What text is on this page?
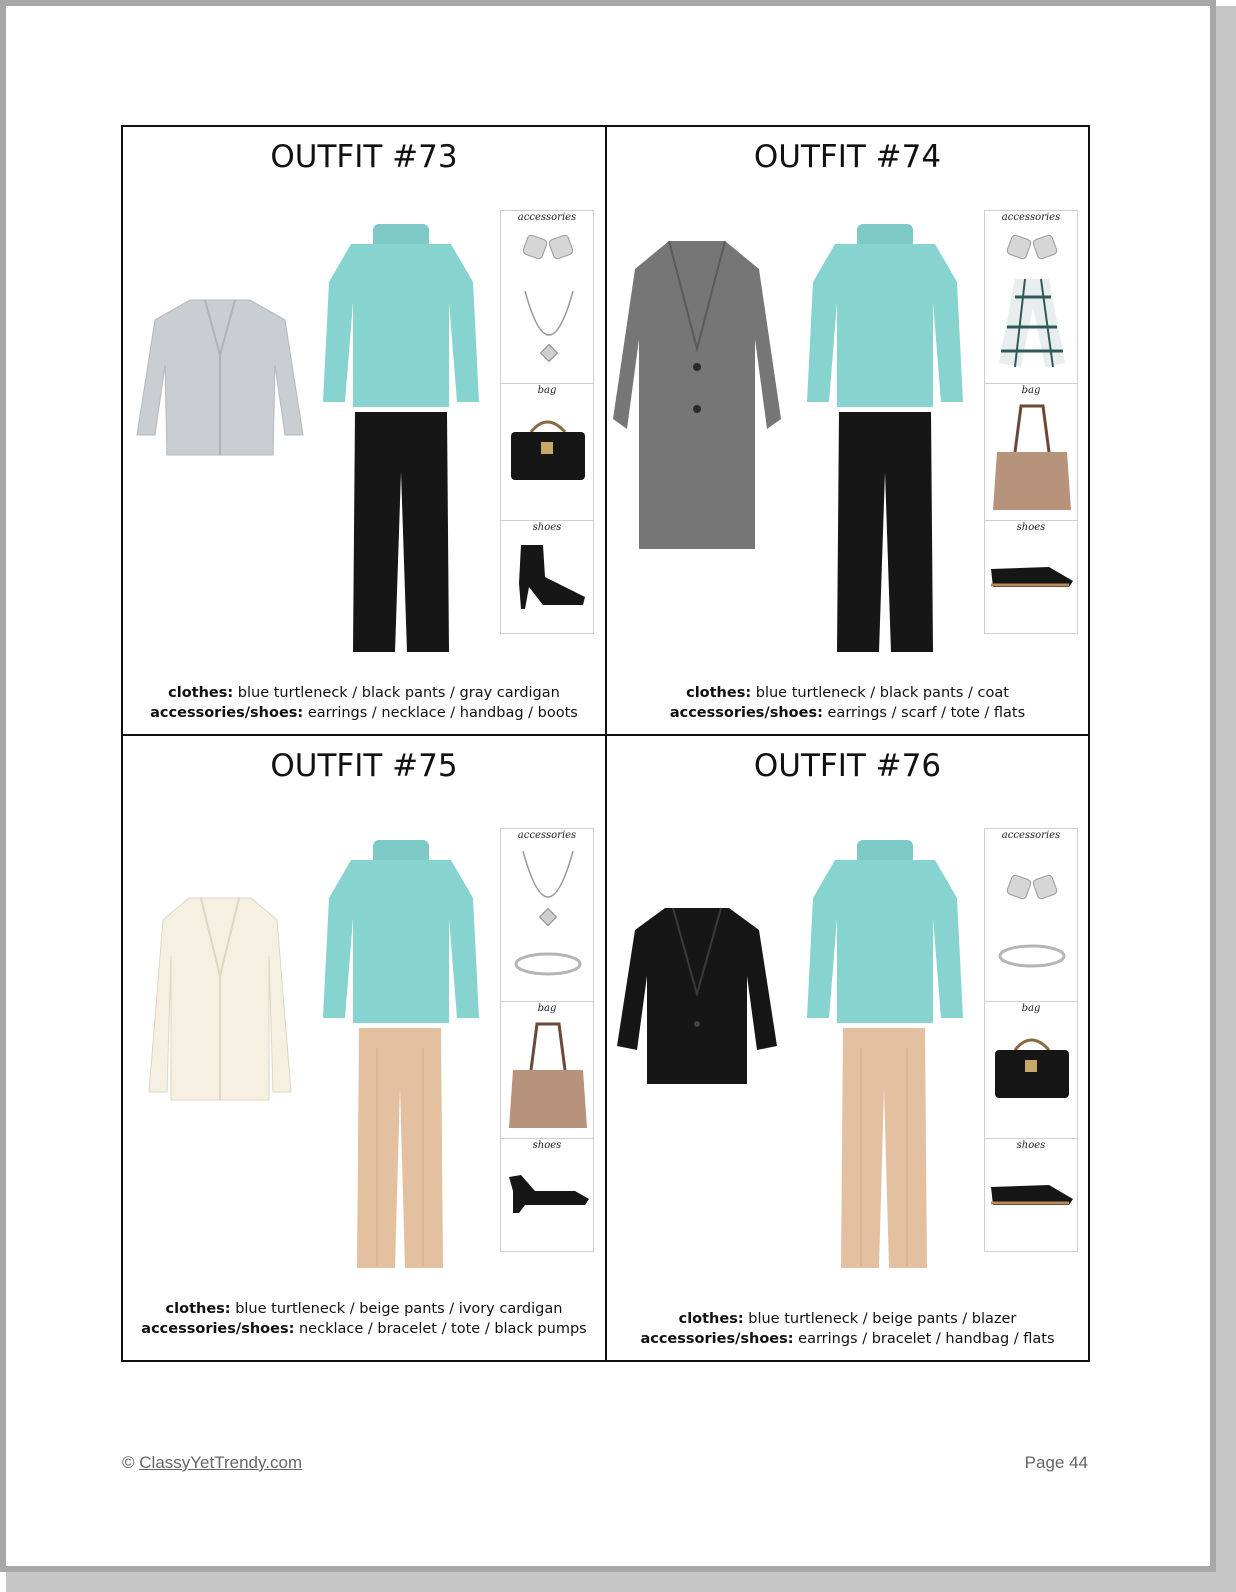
OUTFIT #73
accessories
bag
shoes
clothes: blue turtleneck / black pants / gray cardigan
accessories/shoes: earrings / necklace / handbag / boots
OUTFIT #74
accessories
bag
shoes
clothes: blue turtleneck / black pants / coat
accessories/shoes: earrings / scarf / tote / flats
OUTFIT #75
accessories
bag
shoes
clothes: blue turtleneck / beige pants / ivory cardigan
accessories/shoes: necklace / bracelet / tote / black pumps
OUTFIT #76
accessories
bag
shoes
clothes: blue turtleneck / beige pants / blazer
accessories/shoes: earrings / bracelet / handbag / flats
© ClassyYetTrendy.com	Page 44
